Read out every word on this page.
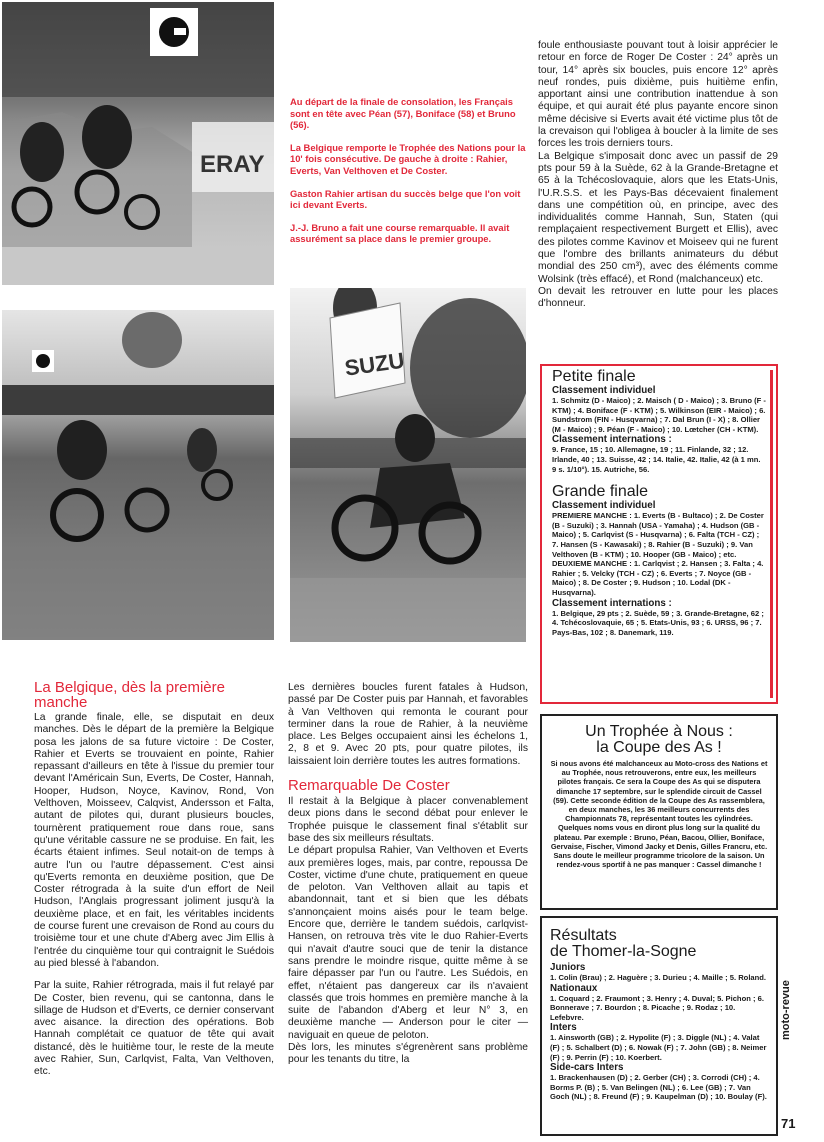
ERAY
SUZU

Au départ de la finale de consolation, les Français sont en tête avec Péan (57), Boniface (58) et Bruno (56).

La Belgique remporte le Trophée des Nations pour la 10' fois consécutive. De gauche à droite : Rahier, Everts, Van Velthoven et De Coster.

Gaston Rahier artisan du succès belge que l'on voit ici devant Everts.

J.-J. Bruno a fait une course remarquable. Il avait assurément sa place dans le premier groupe.

foule enthousiaste pouvant tout à loisir apprécier le retour en force de Roger De Coster : 24° après un tour, 14° après six boucles, puis encore 12° après neuf rondes, puis dixième, puis huitième enfin, apportant ainsi une contribution inattendue à son équipe, et qui aurait été plus payante encore sinon même décisive si Everts avait été victime plus tôt de la crevaison qui l'obligea à boucler à la limite de ses forces les trois derniers tours.

La Belgique s'imposait donc avec un passif de 29 pts pour 59 à la Suède, 62 à la Grande-Bretagne et 65 à la Tchécoslovaquie, alors que les Etats-Unis, l'U.R.S.S. et les Pays-Bas décevaient finalement dans une compétition où, en principe, avec des individualités comme Hannah, Sun, Staten (qui remplaçaient respectivement Burgett et Ellis), avec des pilotes comme Kavinov et Moiseev qui ne furent que l'ombre des brillants animateurs du début mondial des 250 cm³), avec des éléments comme Wolsink (très effacé), et Rond (malchanceux) etc.

On devait les retrouver en lutte pour les places d'honneur.

Petite finale
Classement individuel
1. Schmitz (D - Maico) ; 2. Maisch ( D - Maico) ; 3. Bruno (F - KTM) ; 4. Boniface (F - KTM) ; 5. Wilkinson (EIR - Maico) ; 6. Sundstrom (FIN - Husqvarna) ; 7. Dal Brun (I - X) ; 8. Ollier (M - Maico) ; 9. Péan (F - Maico) ; 10. Lœtcher (CH - KTM).
Classement internations :
9. France, 15 ; 10. Allemagne, 19 ; 11. Finlande, 32 ; 12. Irlande, 40 ; 13. Suisse, 42 ; 14. Italie, 42. Italie, 42 (à 1 mn. 9 s. 1/10°). 15. Autriche, 56.
Grande finale
Classement individuel
PREMIERE MANCHE : 1. Everts (B - Bultaco) ; 2. De Coster (B - Suzuki) ; 3. Hannah (USA - Yamaha) ; 4. Hudson (GB - Maico) ; 5. Carlqvist (S - Husqvarna) ; 6. Falta (TCH - CZ) ; 7. Hansen (S - Kawasaki) ; 8. Rahier (B - Suzuki) ; 9. Van Velthoven (B - KTM) ; 10. Hooper (GB - Maico) ; etc. DEUXIEME MANCHE : 1. Carlqvist ; 2. Hansen ; 3. Falta ; 4. Rahier ; 5. Velcky (TCH - CZ) ; 6. Everts ; 7. Noyce (GB - Maico) ; 8. De Coster ; 9. Hudson ; 10. Lodal (DK - Husqvarna).
Classement internations :
1. Belgique, 29 pts ; 2. Suède, 59 ; 3. Grande-Bretagne, 62 ; 4. Tchécoslovaquie, 65 ; 5. Etats-Unis, 93 ; 6. URSS, 96 ; 7. Pays-Bas, 102 ; 8. Danemark, 119.
La Belgique, dès la première manche

La grande finale, elle, se disputait en deux manches. Dès le départ de la première la Belgique posa les jalons de sa future victoire : De Coster, Rahier et Everts se trouvaient en pointe, Rahier repassant d'ailleurs en tête à l'issue du premier tour devant l'Américain Sun, Everts, De Coster, Hannah, Hooper, Hudson, Noyce, Kavinov, Rond, Von Velthoven, Moisseev, Calqvist, Andersson et Falta, autant de pilotes qui, durant plusieurs boucles, tournèrent pratiquement roue dans roue, sans qu'une véritable cassure ne se produise. En fait, les écarts étaient infimes. Seul notait-on de temps à autre l'un ou l'autre dépassement. C'est ainsi qu'Everts remonta en deuxième position, que De Coster rétrograda à la suite d'un effort de Neil Hudson, l'Anglais progressant joliment jusqu'à la deuxième place, et en fait, les véritables incidents de course furent une crevaison de Rond au cours du troisième tour et une chute d'Aberg avec Jim Ellis à l'entrée du cinquième tour qui contraignit le Suédois au pied blessé à l'abandon.

Par la suite, Rahier rétrograda, mais il fut relayé par De Coster, bien revenu, qui se cantonna, dans le sillage de Hudson et d'Everts, ce dernier conservant avec aisance. la direction des opérations. Bob Hannah complétait ce quatuor de tête qui avait distancé, dès le huitième tour, le reste de la meute avec Rahier, Sun, Carlqvist, Falta, Van Velthoven, etc.

Les dernières boucles furent fatales à Hudson, passé par De Coster puis par Hannah, et favorables à Van Velthoven qui remonta le courant pour terminer dans la roue de Rahier, à la neuvième place. Les Belges occupaient ainsi les échelons 1, 2, 8 et 9. Avec 20 pts, pour quatre pilotes, ils laissaient loin derrière toutes les autres formations.

Remarquable De Coster

Il restait à la Belgique à placer convenablement deux pions dans le second débat pour enlever le Trophée puisque le classement final s'établit sur base des six meilleurs résultats.

Le départ propulsa Rahier, Van Velthoven et Everts aux premières loges, mais, par contre, repoussa De Coster, victime d'une chute, pratiquement en queue de peloton. Van Velthoven allait au tapis et abandonnait, tant et si bien que les débats s'annonçaient moins aisés pour le team belge. Encore que, derrière le tandem suédois, carlqvist-Hansen, on retrouva très vite le duo Rahier-Everts qui n'avait d'autre souci que de tenir la distance sans prendre le moindre risque, quitte même à se faire dépasser par l'un ou l'autre. Les Suédois, en effet, n'étaient pas dangereux car ils n'avaient classés que trois hommes en première manche à la suite de l'abandon d'Aberg et leur N° 3, en deuxième manche — Anderson pour le citer — naviguait en queue de peloton.

Dès lors, les minutes s'égrenèrent sans problème pour les tenants du titre, la

Un Trophée à Nous :
la Coupe des As !
Si nous avons été malchanceux au Moto-cross des Nations et au Trophée, nous retrouverons, entre eux, les meilleurs pilotes français. Ce sera la Coupe des As qui se disputera dimanche 17 septembre, sur le splendide circuit de Cassel (59). Cette seconde édition de la Coupe des As rassemblera, en deux manches, les 36 meilleurs concurrents des Championnats 78, représentant toutes les cylindrées. Quelques noms vous en diront plus long sur la qualité du plateau. Par exemple : Bruno, Péan, Bacou, Ollier, Boniface, Gervaise, Fischer, Vimond Jacky et Denis, Gilles Francru, etc. Sans doute le meilleur programme tricolore de la saison. Un rendez-vous sportif à ne pas manquer : Cassel dimanche !
Résultats
de Thomer-la-Sogne
Juniors
1. Colin (Brau) ; 2. Haguère ; 3. Durieu ; 4. Maille ; 5. Roland.
Nationaux
1. Coquard ; 2. Fraumont ; 3. Henry ; 4. Duval; 5. Pichon ; 6. Bonnerave ; 7. Bourdon ; 8. Picache ; 9. Rodaz ; 10. Lefebvre.
Inters
1. Ainsworth (GB) ; 2. Hypolite (F) ; 3. Diggle (NL) ; 4. Valat (F) ; 5. Schalbert (D) ; 6. Nowak (F) ; 7. John (GB) ; 8. Neimer (F) ; 9. Perrin (F) ; 10. Koerbert.
Side-cars Inters
1. Brackenhausen (D) ; 2. Gerber (CH) ; 3. Corrodi (CH) ; 4. Borms P. (B) ; 5. Van Belingen (NL) ; 6. Lee (GB) ; 7. Van Goch (NL) ; 8. Freund (F) ; 9. Kaupelman (D) ; 10. Boulay (F).
moto-revue
71
